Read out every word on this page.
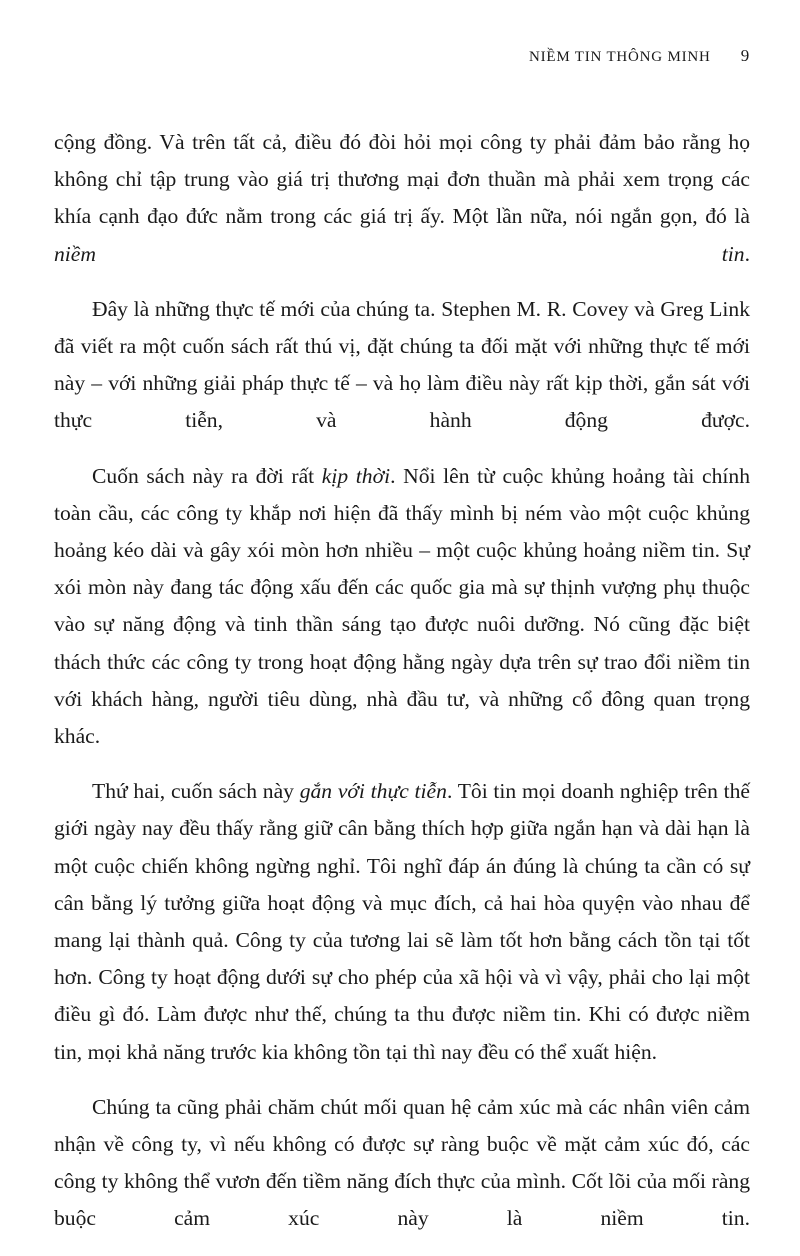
NIỀM TIN THÔNG MINH 9

cộng đồng. Và trên tất cả, điều đó đòi hỏi mọi công ty phải đảm bảo rằng họ không chỉ tập trung vào giá trị thương mại đơn thuần mà phải xem trọng các khía cạnh đạo đức nằm trong các giá trị ấy. Một lần nữa, nói ngắn gọn, đó là niềm tin.

Đây là những thực tế mới của chúng ta. Stephen M. R. Covey và Greg Link đã viết ra một cuốn sách rất thú vị, đặt chúng ta đối mặt với những thực tế mới này – với những giải pháp thực tế – và họ làm điều này rất kịp thời, gắn sát với thực tiễn, và hành động được.

Cuốn sách này ra đời rất kịp thời. Nổi lên từ cuộc khủng hoảng tài chính toàn cầu, các công ty khắp nơi hiện đã thấy mình bị ném vào một cuộc khủng hoảng kéo dài và gây xói mòn hơn nhiều – một cuộc khủng hoảng niềm tin. Sự xói mòn này đang tác động xấu đến các quốc gia mà sự thịnh vượng phụ thuộc vào sự năng động và tinh thần sáng tạo được nuôi dưỡng. Nó cũng đặc biệt thách thức các công ty trong hoạt động hằng ngày dựa trên sự trao đổi niềm tin với khách hàng, người tiêu dùng, nhà đầu tư, và những cổ đông quan trọng khác.

Thứ hai, cuốn sách này gắn với thực tiễn. Tôi tin mọi doanh nghiệp trên thế giới ngày nay đều thấy rằng giữ cân bằng thích hợp giữa ngắn hạn và dài hạn là một cuộc chiến không ngừng nghỉ. Tôi nghĩ đáp án đúng là chúng ta cần có sự cân bằng lý tưởng giữa hoạt động và mục đích, cả hai hòa quyện vào nhau để mang lại thành quả. Công ty của tương lai sẽ làm tốt hơn bằng cách tồn tại tốt hơn. Công ty hoạt động dưới sự cho phép của xã hội và vì vậy, phải cho lại một điều gì đó. Làm được như thế, chúng ta thu được niềm tin. Khi có được niềm tin, mọi khả năng trước kia không tồn tại thì nay đều có thể xuất hiện.

Chúng ta cũng phải chăm chút mối quan hệ cảm xúc mà các nhân viên cảm nhận về công ty, vì nếu không có được sự ràng buộc về mặt cảm xúc đó, các công ty không thể vươn đến tiềm năng đích thực của mình. Cốt lõi của mối ràng buộc cảm xúc này là niềm tin.
